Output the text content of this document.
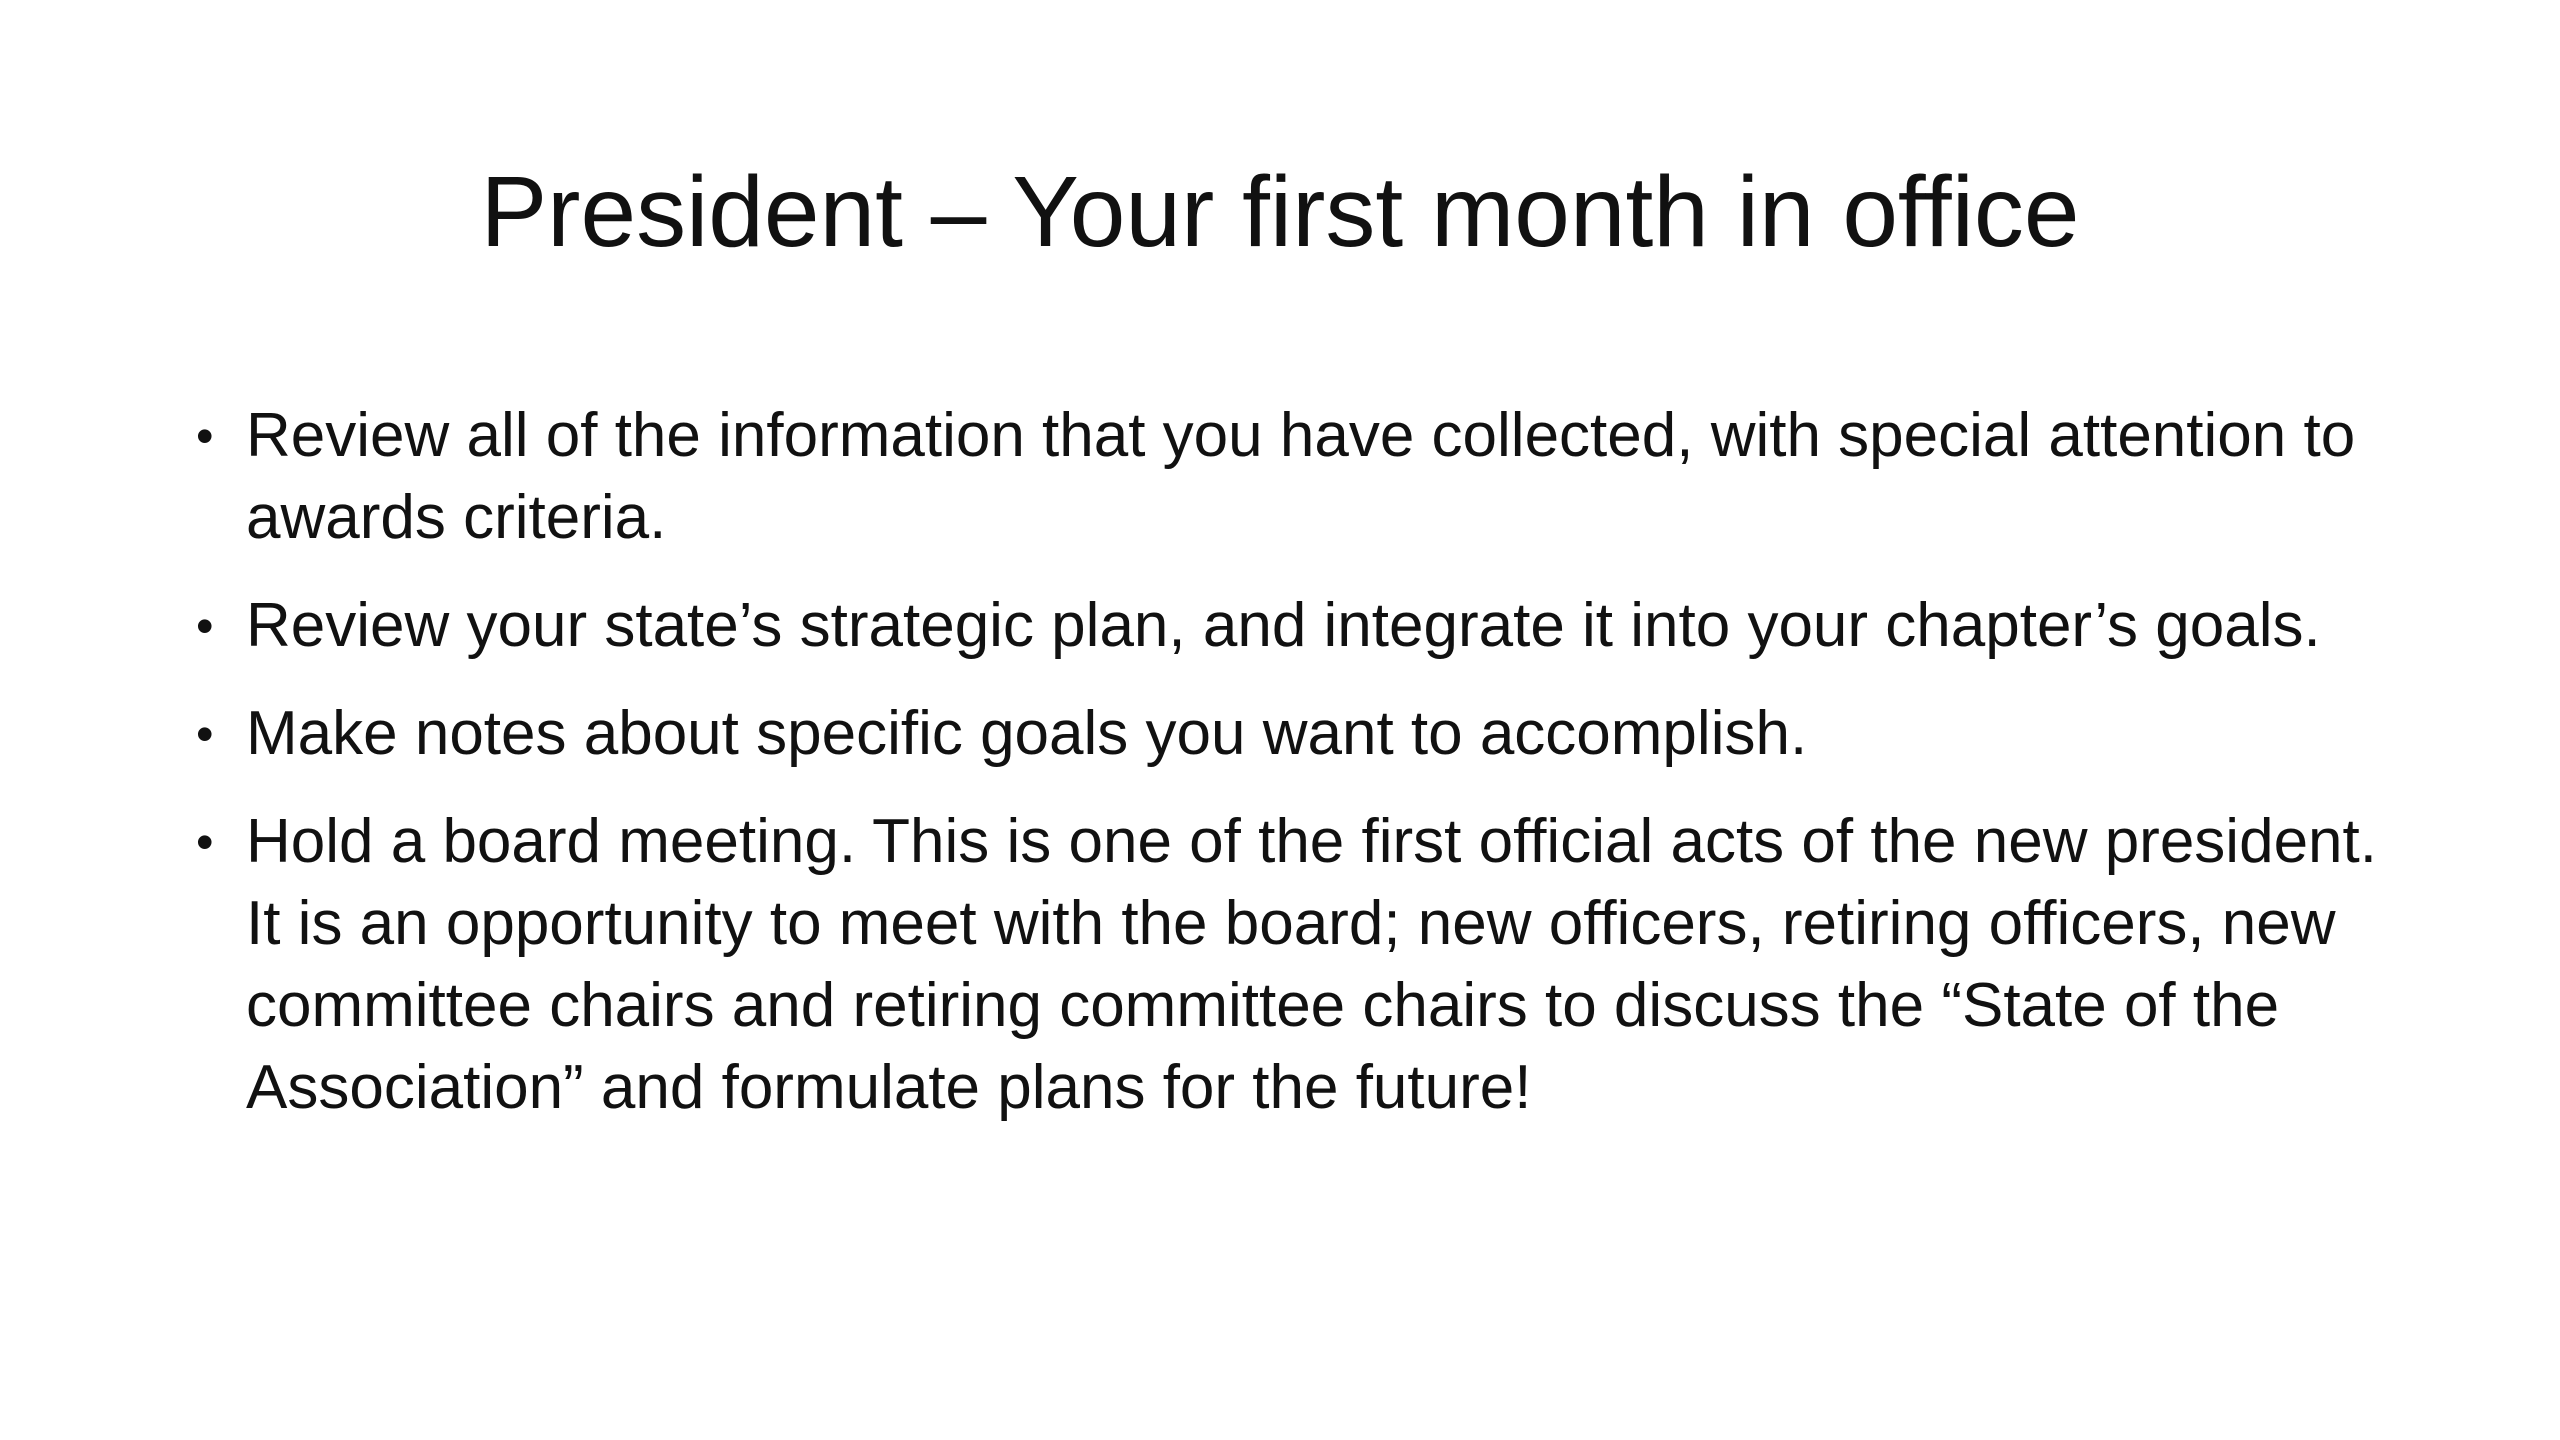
President – Your first month in office
• Review all of the information that you have collected, with special attention to awards criteria.
• Review your state’s strategic plan, and integrate it into your chapter’s goals.
• Make notes about specific goals you want to accomplish.
• Hold a board meeting. This is one of the first official acts of the new president. It is an opportunity to meet with the board; new officers, retiring officers, new committee chairs and retiring committee chairs to discuss the “State of the Association” and formulate plans for the future!
